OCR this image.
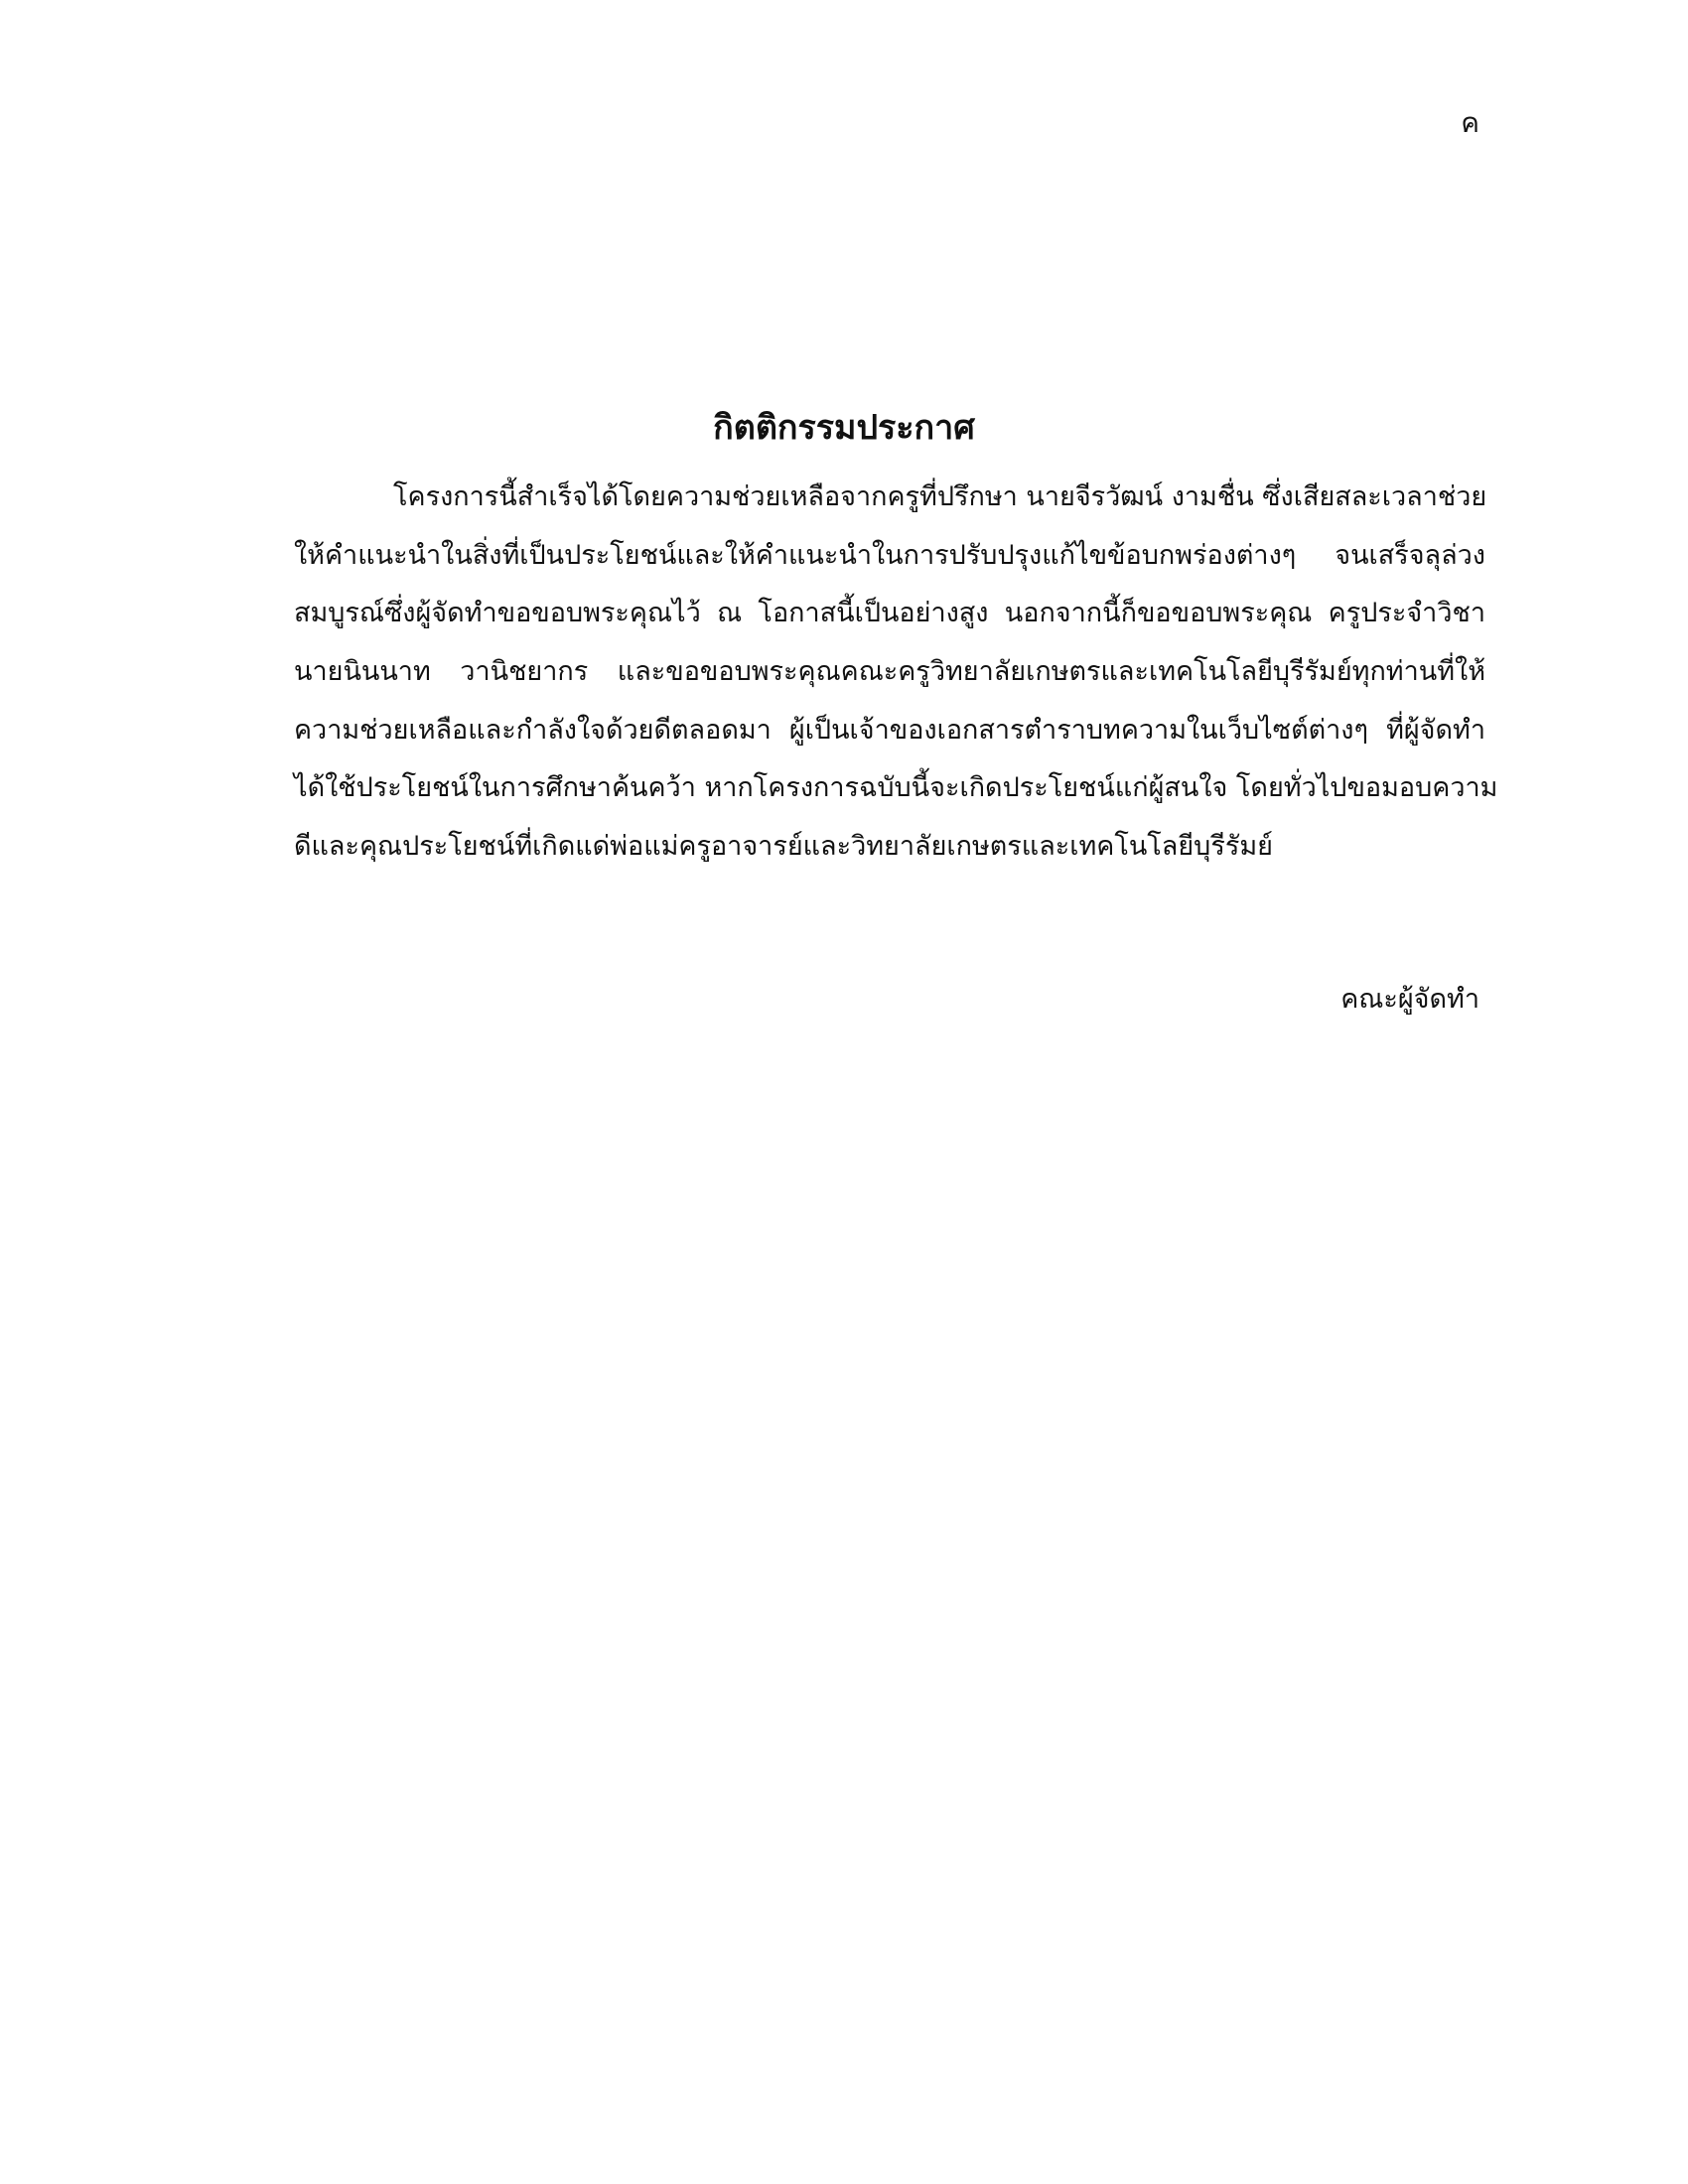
ค
กิตติกรรมประกาศ
โครงการนี้สำเร็จได้โดยความช่วยเหลือจากครูที่ปรึกษา นายจีรวัฒน์ งามชื่น ซึ่งเสียสละเวลาช่วย
ให้คำแนะนำในสิ่งที่เป็นประโยชน์และให้คำแนะนำในการปรับปรุงแก้ไขข้อบกพร่องต่างๆ จนเสร็จลุล่วง
สมบูรณ์ซึ่งผู้จัดทำขอขอบพระคุณไว้ ณ โอกาสนี้เป็นอย่างสูง นอกจากนี้ก็ขอขอบพระคุณ ครูประจำวิชา
นายนินนาท วานิชยากร และขอขอบพระคุณคณะครูวิทยาลัยเกษตรและเทคโนโลยีบุรีรัมย์ทุกท่านที่ให้
ความช่วยเหลือและกำลังใจด้วยดีตลอดมา ผู้เป็นเจ้าของเอกสารตำราบทความในเว็บไซต์ต่างๆ ที่ผู้จัดทำ
ได้ใช้ประโยชน์ในการศึกษาค้นคว้า หากโครงการฉบับนี้จะเกิดประโยชน์แก่ผู้สนใจ โดยทั่วไปขอมอบความ
ดีและคุณประโยชน์ที่เกิดแด่พ่อแม่ครูอาจารย์และวิทยาลัยเกษตรและเทคโนโลยีบุรีรัมย์
คณะผู้จัดทำ
